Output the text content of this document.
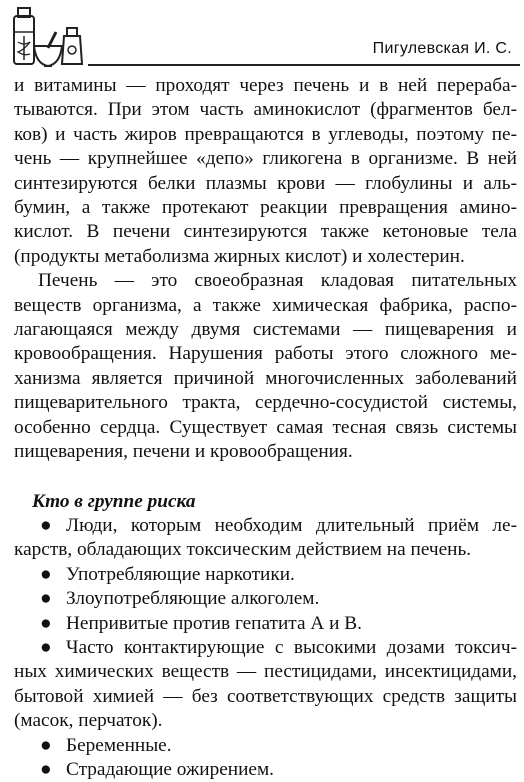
Пигулевская И. С.
и витамины — проходят через печень и в ней перераба-
тываются. При этом часть аминокислот (фрагментов бел-
ков) и часть жиров превращаются в углеводы, поэтому пе-
чень — крупнейшее «депо» гликогена в организме. В ней
синтезируются белки плазмы крови — глобулины и аль-
бумин, а также протекают реакции превращения амино-
кислот. В печени синтезируются также кетоновые тела
(продукты метаболизма жирных кислот) и холестерин.
Печень — это своеобразная кладовая питательных
веществ организма, а также химическая фабрика, распо-
лагающаяся между двумя системами — пищеварения и
кровообращения. Нарушения работы этого сложного ме-
ханизма является причиной многочисленных заболеваний
пищеварительного тракта, сердечно-сосудистой системы,
особенно сердца. Существует самая тесная связь системы
пищеварения, печени и кровообращения.
Кто в группе риска
● Люди, которым необходим длительный приём ле-
карств, обладающих токсическим действием на печень.
● Употребляющие наркотики.
● Злоупотребляющие алкоголем.
● Непривитые против гепатита А и В.
● Часто контактирующие с высокими дозами токсич-
ных химических веществ — пестицидами, инсектицидами,
бытовой химией — без соответствующих средств защиты
(масок, перчаток).
● Беременные.
● Страдающие ожирением.
